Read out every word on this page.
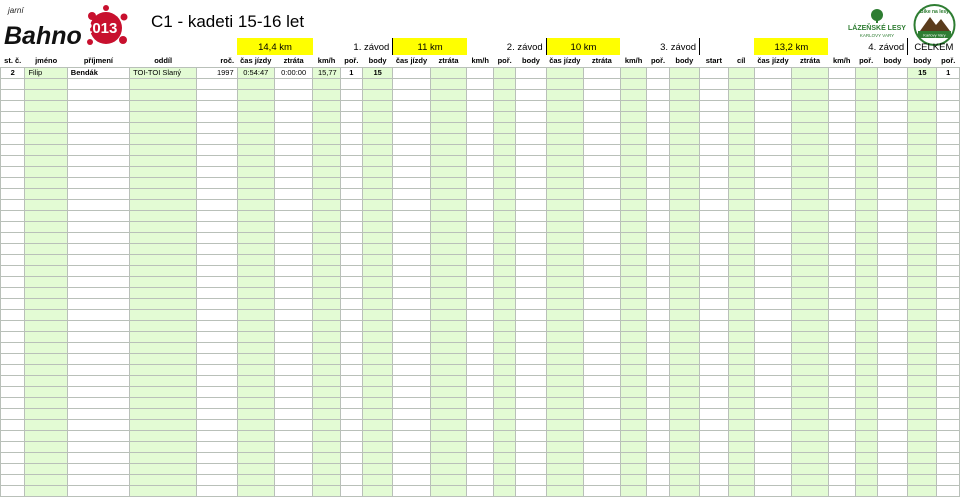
jarní
Bahno 2013 C1 - kadeti 15-16 let	LÁZEŇSKÉ LESY
KARLOVY VARY
Bike na lesy
Karlovy Vary
					14,4 km		1. závod			11 km		2. závod			10 km		3. závod					13,2 km		4. závod			CELKEM	
st. č.	jméno	příjmení	oddíl	roč.	čas jízdy	ztráta	km/h	poř.	body	čas jízdy	ztráta	km/h	poř.	body	čas jízdy	ztráta	km/h	poř.	body	start	cíl	čas jízdy	ztráta	km/h	poř.	body	body	poř.
2	Filip	Bendák	TOI-TOI Slaný	1997	0:54:47	0:00:00	15,77	1	15																		15	1
